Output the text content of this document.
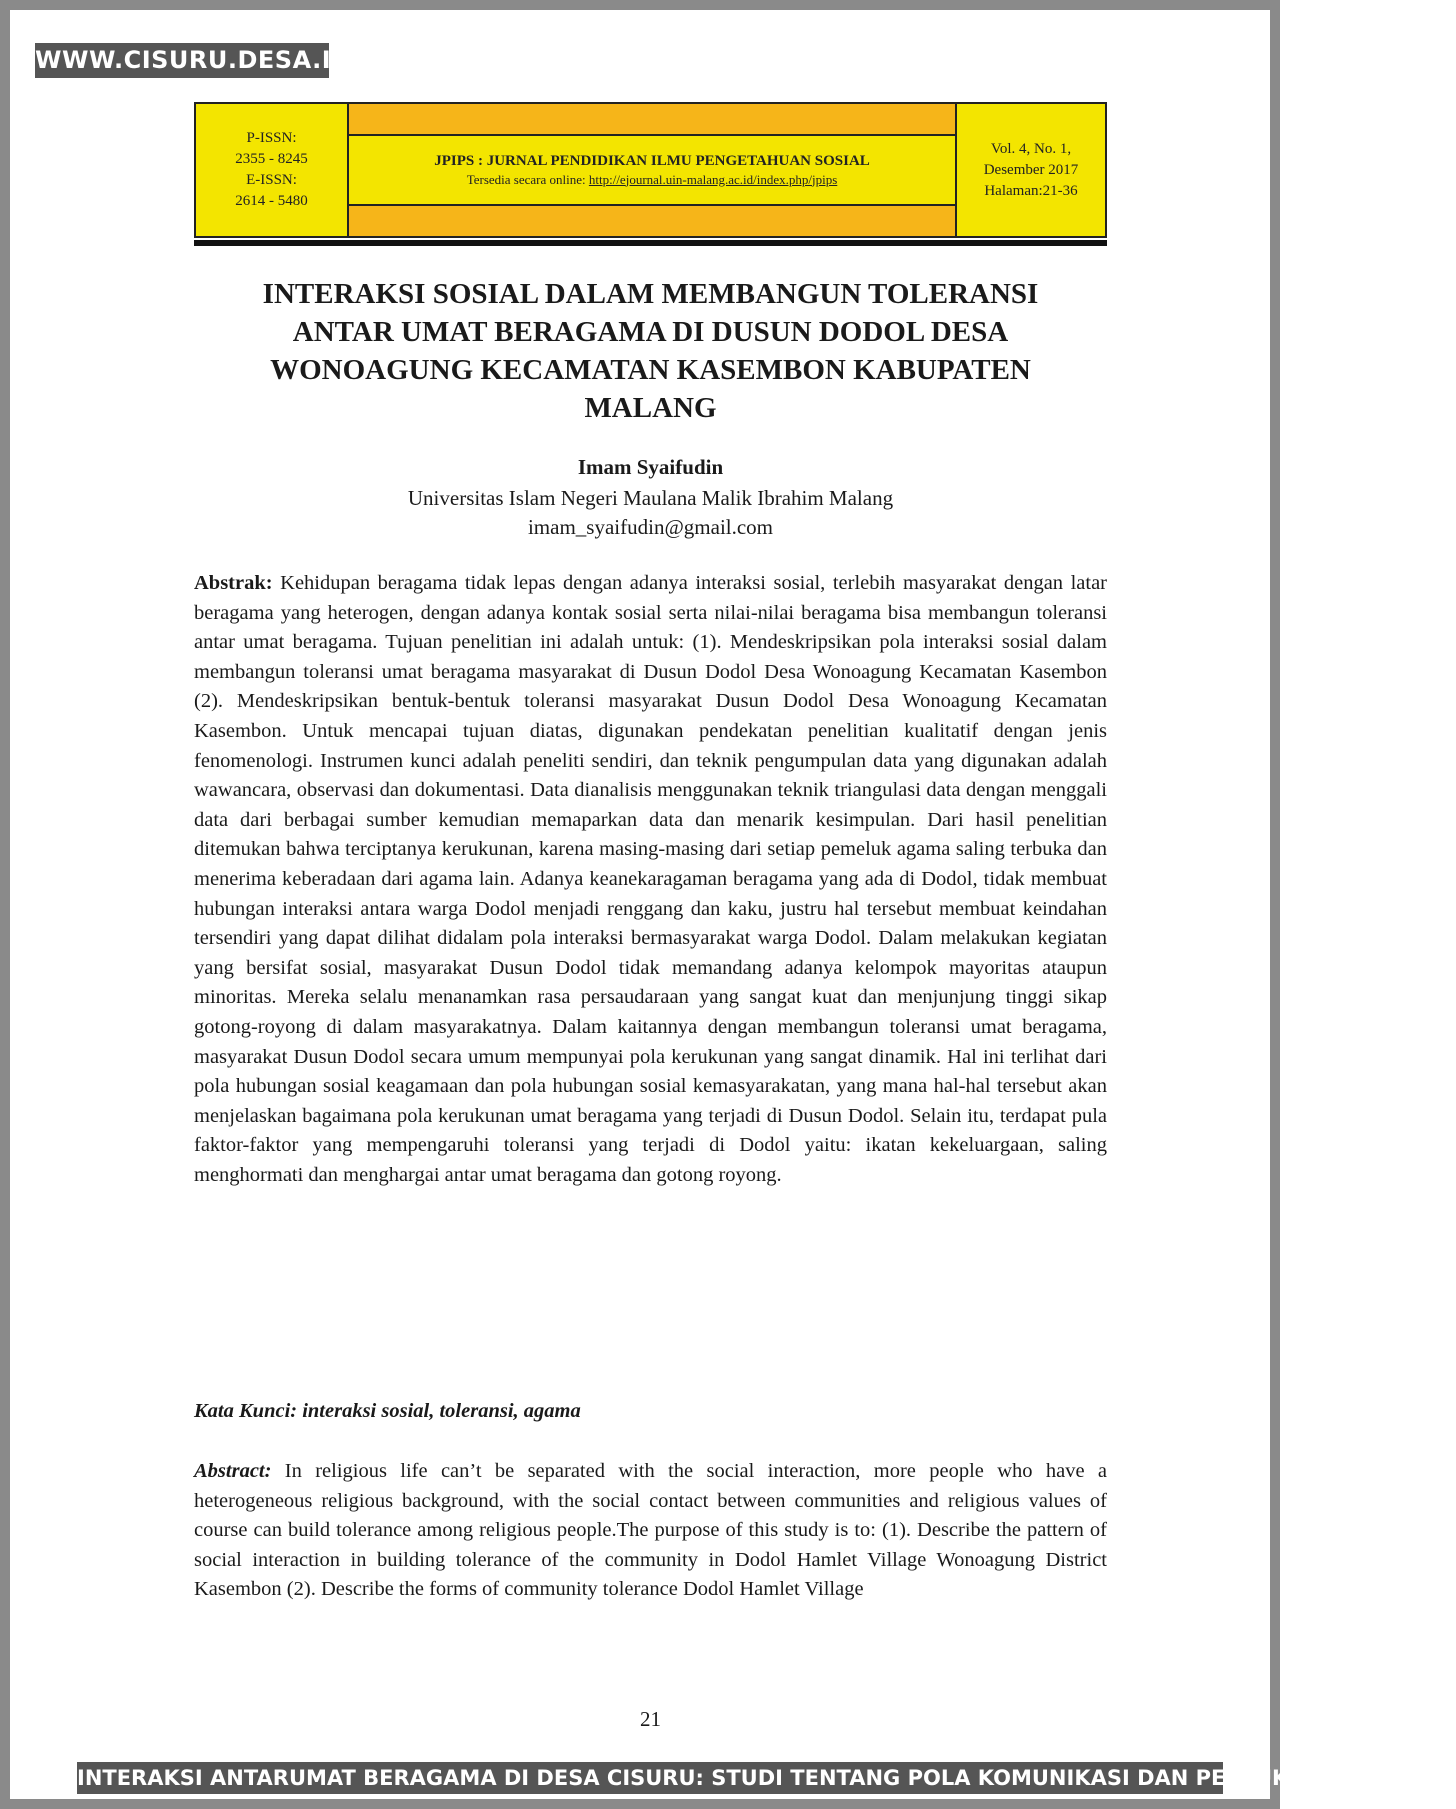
WWW.CISURU.DESA.ID
P-ISSN:
2355 - 8245
E-ISSN:
2614 - 5480
JPIPS : JURNAL PENDIDIKAN ILMU PENGETAHUAN SOSIAL
Tersedia secara online: http://ejournal.uin-malang.ac.id/index.php/jpips
Vol. 4, No. 1,
Desember 2017
Halaman:21-36
INTERAKSI SOSIAL DALAM MEMBANGUN TOLERANSI
ANTAR UMAT BERAGAMA DI DUSUN DODOL DESA
WONOAGUNG KECAMATAN KASEMBON KABUPATEN
MALANG
Imam Syaifudin
Universitas Islam Negeri Maulana Malik Ibrahim Malang
imam_syaifudin@gmail.com
Abstrak: Kehidupan beragama tidak lepas dengan adanya interaksi sosial, terlebih masyarakat dengan latar beragama yang heterogen, dengan adanya kontak sosial serta nilai-nilai beragama bisa membangun toleransi antar umat beragama. Tujuan penelitian ini adalah untuk: (1). Mendeskripsikan pola interaksi sosial dalam membangun toleransi umat beragama masyarakat di Dusun Dodol Desa Wonoagung Kecamatan Kasembon (2). Mendeskripsikan bentuk-bentuk toleransi masyarakat Dusun Dodol Desa Wonoagung Kecamatan Kasembon. Untuk mencapai tujuan diatas, digunakan pendekatan penelitian kualitatif dengan jenis fenomenologi. Instrumen kunci adalah peneliti sendiri, dan teknik pengumpulan data yang digunakan adalah wawancara, observasi dan dokumentasi. Data dianalisis menggunakan teknik triangulasi data dengan menggali data dari berbagai sumber kemudian memaparkan data dan menarik kesimpulan. Dari hasil penelitian ditemukan bahwa terciptanya kerukunan, karena masing-masing dari setiap pemeluk agama saling terbuka dan menerima keberadaan dari agama lain. Adanya keanekaragaman beragama yang ada di Dodol, tidak membuat hubungan interaksi antara warga Dodol menjadi renggang dan kaku, justru hal tersebut membuat keindahan tersendiri yang dapat dilihat didalam pola interaksi bermasyarakat warga Dodol. Dalam melakukan kegiatan yang bersifat sosial, masyarakat Dusun Dodol tidak memandang adanya kelompok mayoritas ataupun minoritas. Mereka selalu menanamkan rasa persaudaraan yang sangat kuat dan menjunjung tinggi sikap gotong-royong di dalam masyarakatnya. Dalam kaitannya dengan membangun toleransi umat beragama, masyarakat Dusun Dodol secara umum mempunyai pola kerukunan yang sangat dinamik. Hal ini terlihat dari pola hubungan sosial keagamaan dan pola hubungan sosial kemasyarakatan, yang mana hal-hal tersebut akan menjelaskan bagaimana pola kerukunan umat beragama yang terjadi di Dusun Dodol. Selain itu, terdapat pula faktor-faktor yang mempengaruhi toleransi yang terjadi di Dodol yaitu: ikatan kekeluargaan, saling menghormati dan menghargai antar umat beragama dan gotong royong.
Kata Kunci: interaksi sosial, toleransi, agama
Abstract: In religious life can’t be separated with the social interaction, more people who have a heterogeneous religious background, with the social contact between communities and religious values of course can build tolerance among religious people.The purpose of this study is to: (1). Describe the pattern of social interaction in building tolerance of the community in Dodol Hamlet Village Wonoagung District Kasembon (2). Describe the forms of community tolerance Dodol Hamlet Village
21
INTERAKSI ANTARUMAT BERAGAMA DI DESA CISURU: STUDI TENTANG POLA KOMUNIKASI DAN PERTUKARAN BUDAYA
